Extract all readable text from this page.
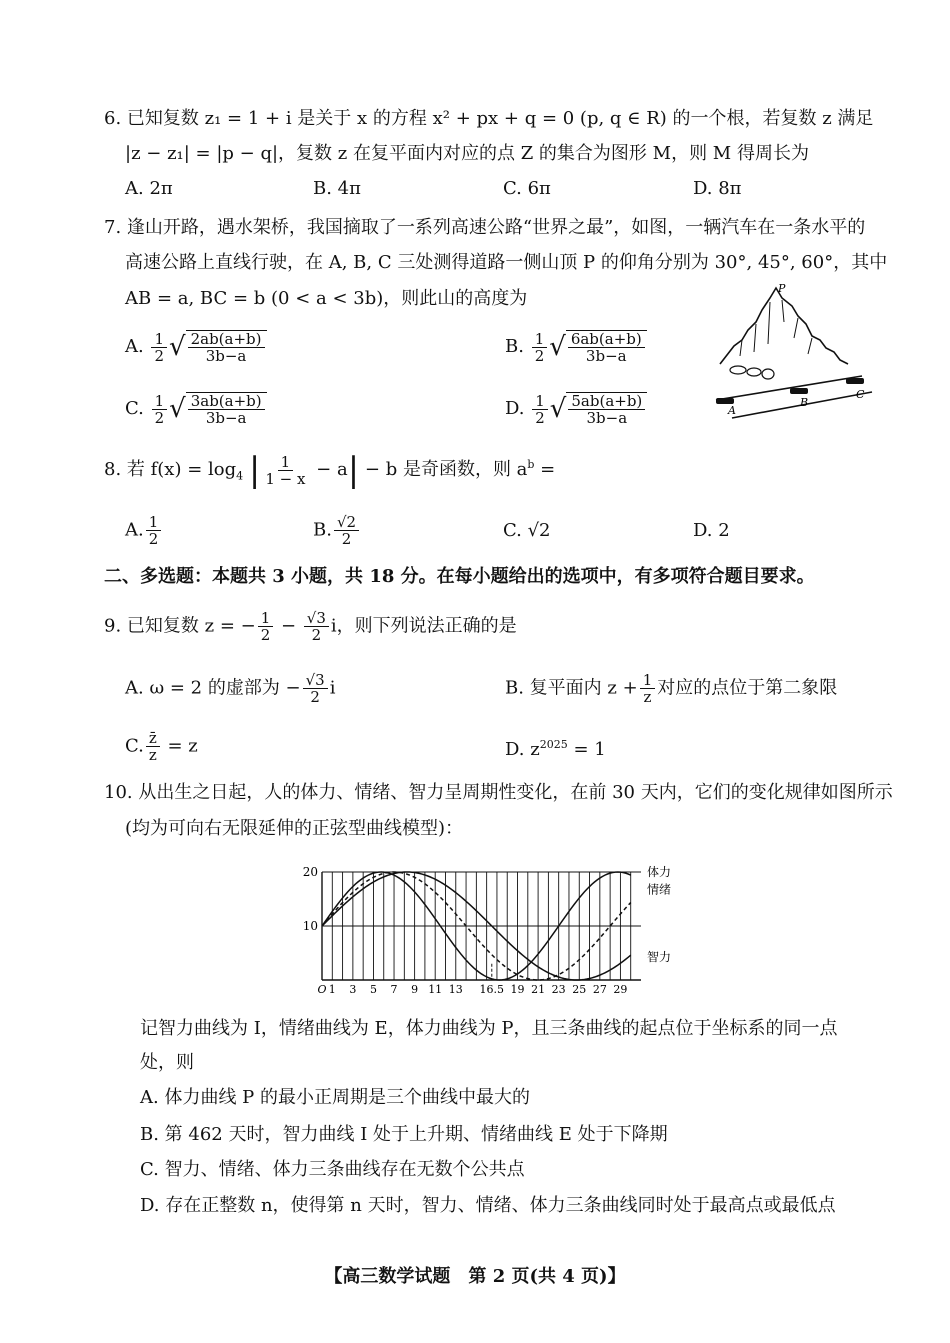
6. 已知复数 z₁ = 1 + i 是关于 x 的方程 x² + px + q = 0 (p, q ∈ R) 的一个根，若复数 z 满足
|z − z₁| = |p − q|，复数 z 在复平面内对应的点 Z 的集合为图形 M，则 M 得周长为
A. 2π	B. 4π	C. 6π	D. 8π
7. 逢山开路，遇水架桥，我国摘取了一系列高速公路“世界之最”，如图，一辆汽车在一条水平的
高速公路上直线行驶，在 A, B, C 三处测得道路一侧山顶 P 的仰角分别为 30°, 45°, 60°，其中
AB = a, BC = b (0 < a < 3b)，则此山的高度为
A. $\frac{1}{2}$ √ $\frac{2ab(a+b)}{3b-a}$	B. $\frac{1}{2}$ √ $\frac{6ab(a+b)}{3b-a}$
C. $\frac{1}{2}$ √ $\frac{3ab(a+b)}{3b-a}$	D. $\frac{1}{2}$ √ $\frac{5ab(a+b)}{3b-a}$
P
A
B
C
8. 若 $f(x) = \log_4$ | $\frac{1}{1 - x} - a| - b$ 是奇函数，则 $a^b$ =
A. $\frac{1}{2}$	B. $\frac{√2}{2}$	C. √2	D. 2
二、多选题：本题共 3 小题，共 18 分。在每小题给出的选项中，有多项符合题目要求。
9. 已知复数 z = − $\frac{1}{2} - \frac{√3}{2}$ i，则下列说法正确的是
A. ω = 2 的虚部为 − $\frac{√3}{2}$ i	B. 复平面内 $z + \frac{1}{z}$ 对应的点位于第二象限
C. $\frac{z̄}{z} = z$	D. $z^{2025} = 1$
10. 从出生之日起，人的体力、情绪、智力呈周期性变化，在前 30 天内，它们的变化规律如图所示
(均为可向右无限延伸的正弦型曲线模型)：
10
20
O 1 3 5 7 9 11 13 16.5 19 21 23 25 27 29
体力
情绪
智力
记智力曲线为 I，情绪曲线为 E，体力曲线为 P，且三条曲线的起点位于坐标系的同一点
处，则
A. 体力曲线 P 的最小正周期是三个曲线中最大的
B. 第 462 天时，智力曲线 I 处于上升期、情绪曲线 E 处于下降期
C. 智力、情绪、体力三条曲线存在无数个公共点
D. 存在正整数 n，使得第 n 天时，智力、情绪、体力三条曲线同时处于最高点或最低点
【高三数学试题　第 2 页(共 4 页)】
